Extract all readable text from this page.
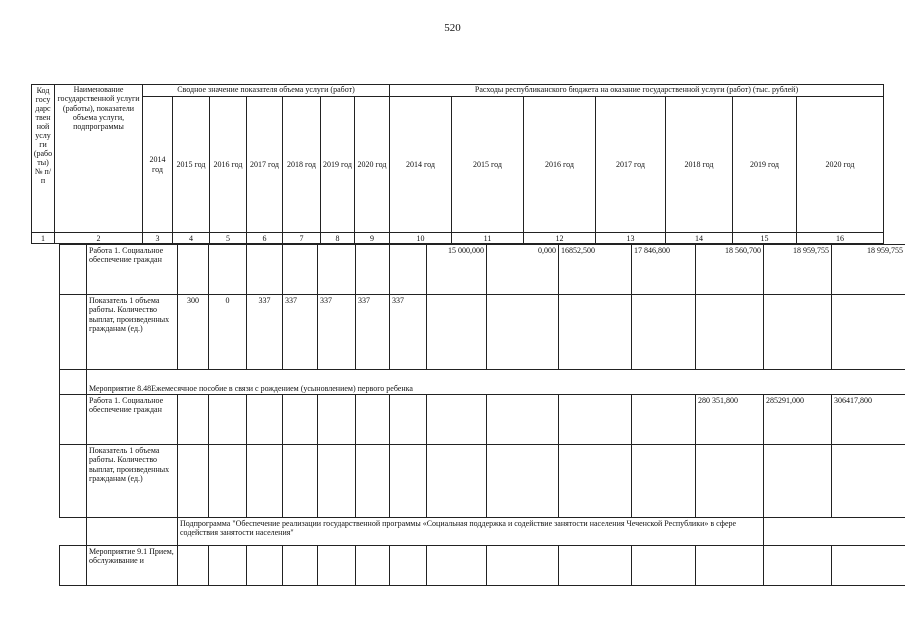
520
Код госу дарс твен ной услу ги (рабо ты) № п/п	Наименование государственной услуги (работы), показатели объема услуги, подпрограммы	Сводное значение показателя объема услуги (работ)							Расходы республиканского бюджета на оказание государственной услуги (работ) (тыс. рублей)						
		2014 год	2015 год	2016 год	2017 год	2018 год	2019 год	2020 год	2014 год	2015 год	2016 год	2017 год	2018 год	2019 год	2020 год
1	2	3	4	5	6	7	8	9	10	11	12	13	14	15	16
	Работа 1. Социальное обеспечение граждан								15 000,000	0,000	16852,500	17 846,800	18 560,700	18 959,755	18 959,755
	Показатель 1 объема работы. Количество выплат, произведенных гражданам (ед.)	300	0	337	337	337	337	337							
	Мероприятие 8.48Ежемесячное пособие в связи с рождением (усыновлением) первого ребенка														
	Работа 1. Социальное обеспечение граждан												280 351,800	285291,000	306417,800
	Показатель 1 объема работы. Количество выплат, произведенных гражданам (ед.)														
		Подпрограмма "Обеспечение реализации государственной программы «Социальная поддержка и содействие занятости населения Чеченской Республики» в сфере содействия занятости населения"													
	Мероприятие 9.1 Прием, обслуживание и														
